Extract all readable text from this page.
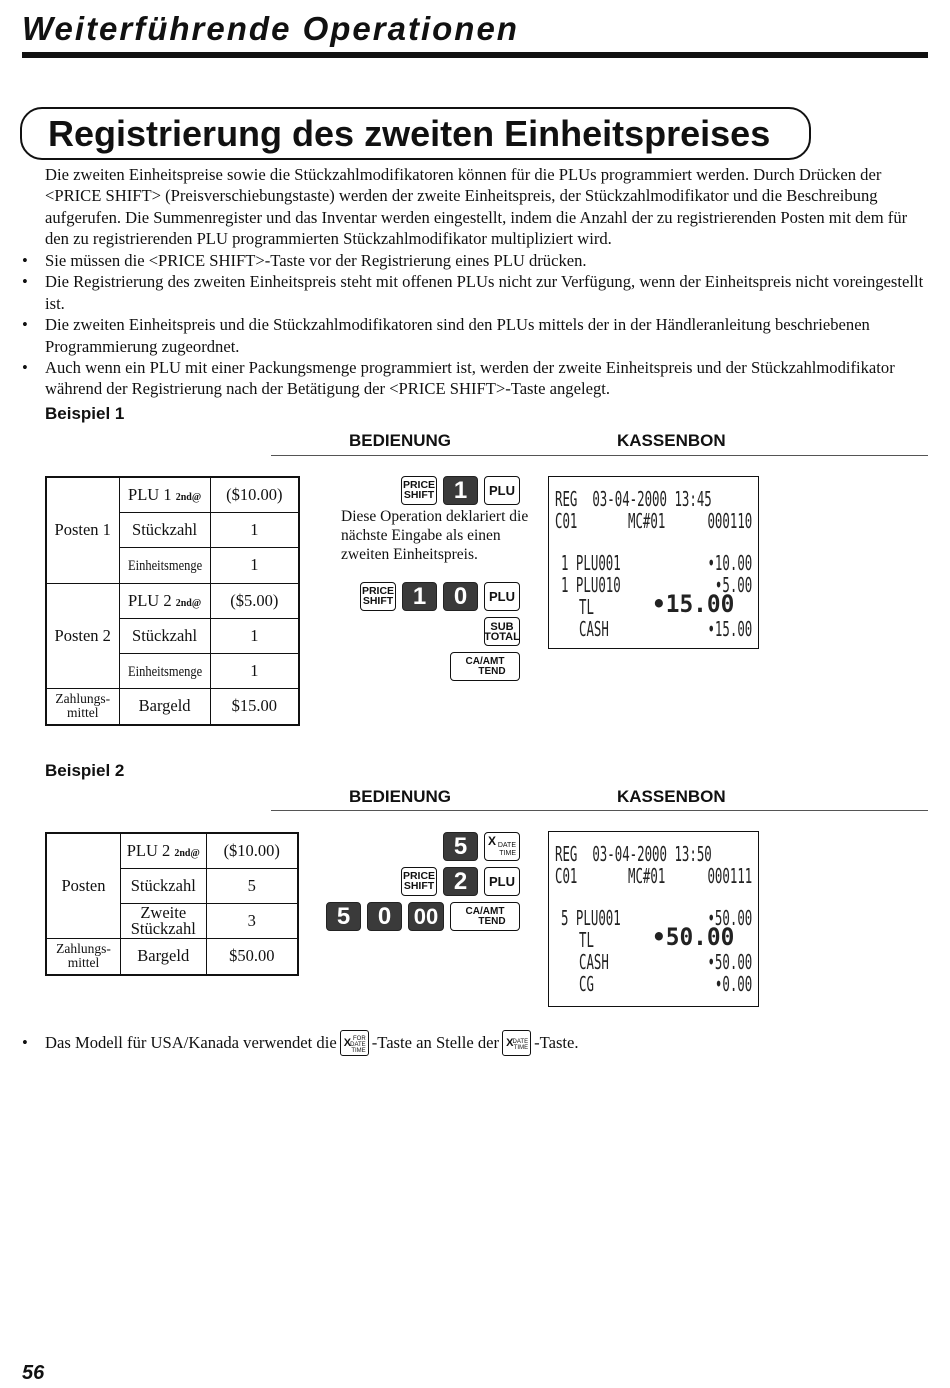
Weiterführende Operationen
Registrierung des zweiten Einheitspreises

Die zweiten Einheitspreise sowie die Stückzahlmodifikatoren können für die PLUs programmiert werden. Durch Drücken der <PRICE SHIFT> (Preisverschiebungstaste) werden der zweite Einheitspreis, der Stückzahlmodifikator und die Beschreibung aufgerufen. Die Summenregister und das Inventar werden eingestellt, indem die Anzahl der zu registrierenden Posten mit dem für den zu registrierenden PLU programmierten Stückzahlmodifikator multipliziert wird.

• Sie müssen die <PRICE SHIFT>-Taste vor der Registrierung eines PLU drücken.
• Die Registrierung des zweiten Einheitspreis steht mit offenen PLUs nicht zur Verfügung, wenn der Einheitspreis nicht voreingestellt ist.
• Die zweiten Einheitspreis und die Stückzahlmodifikatoren sind den PLUs mittels der in der Händleranleitung beschriebenen Programmierung zugeordnet.
• Auch wenn ein PLU mit einer Packungsmenge programmiert ist, werden der zweite Einheitspreis und der Stückzahlmodifikator während der Registrierung nach der Betätigung der <PRICE SHIFT>-Taste angelegt.
Beispiel 1
BEDIENUNG	KASSENBON
Posten 1	PLU 1 2nd@	($10.00)
	Stückzahl	1
	Einheitsmenge	1
Posten 2	PLU 2 2nd@	($5.00)
	Stückzahl	1
	Einheitsmenge	1
Zahlungs-
mittel	Bargeld	$15.00
PRICE
SHIFT 1	PLU

Diese Operation deklariert die nächste Eingabe als einen zweiten Einheitspreis.

PRICE
SHIFT 1	0	PLU
SUB
TOTAL
CA/AMT
TEND
REG  03-04-2000 13:45
C01	MC#01 000110
1 PLU001	•10.00
1 PLU010	•5.00
TL •15.00
CASH	•15.00
Beispiel 2
BEDIENUNG	KASSENBON
Posten	PLU 2 2nd@	($10.00)
	Stückzahl	5
	Zweite
Stückzahl	3
Zahlungs-
mittel	Bargeld	$50.00
5	X DATE
TIME
PRICE
SHIFT 2	PLU
5	0	00	CA/AMT
TEND
REG  03-04-2000 13:50
C01	MC#01 000111
5 PLU001	•50.00
TL •50.00
CASH	•50.00
CG	•0.00
•	Das Modell für USA/Kanada verwendet die X FOR
DATE
TIME -Taste an Stelle der X DATE
TIME -Taste.
56
